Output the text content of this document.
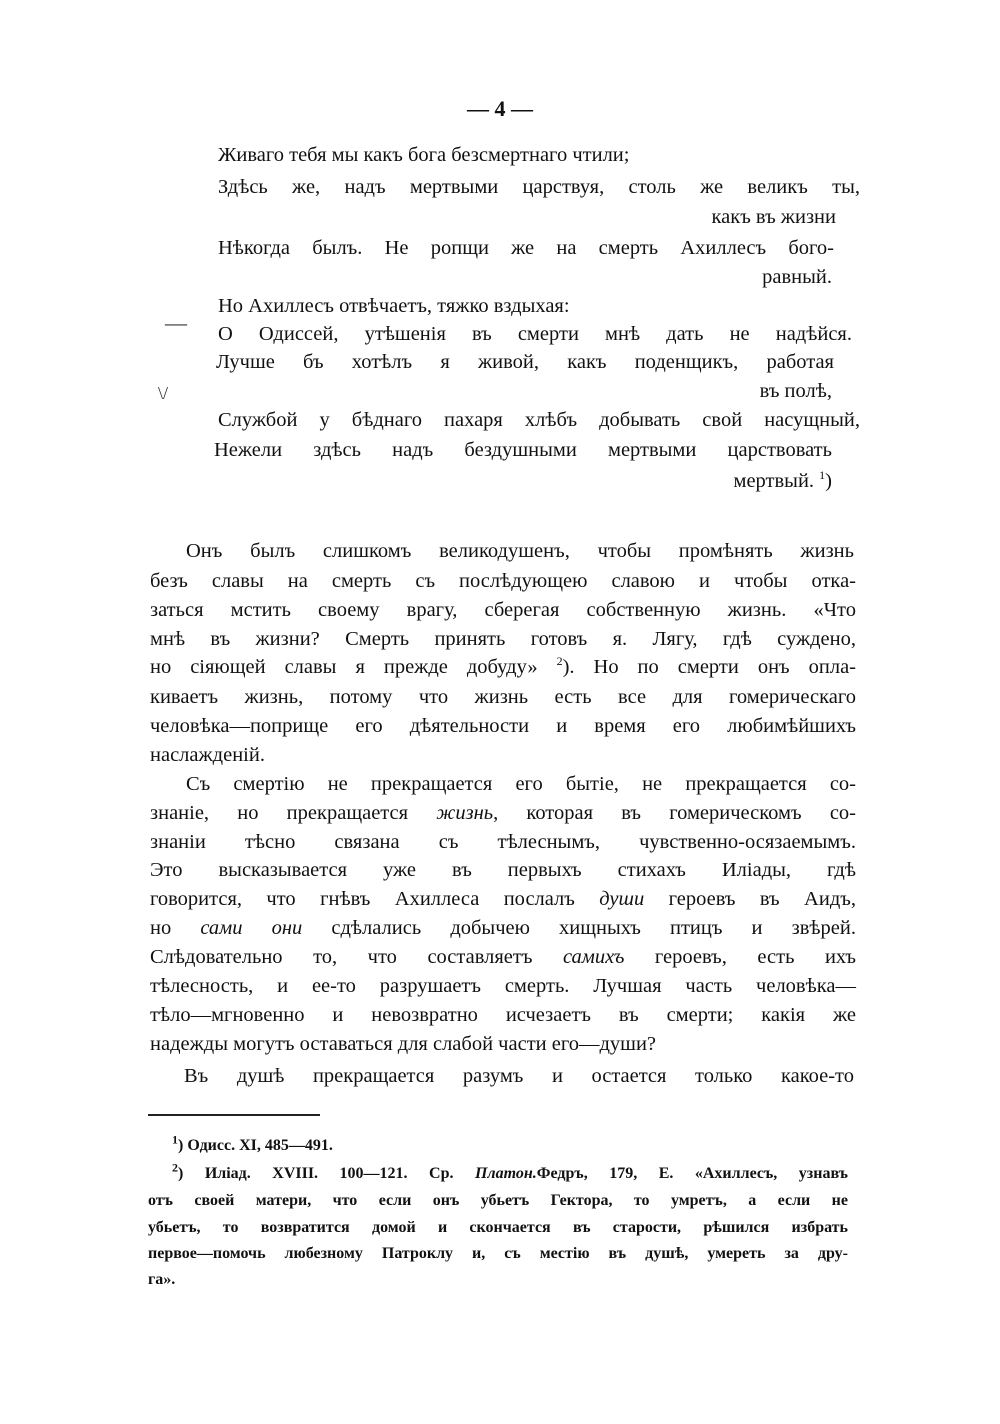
— 4 —
—
\/
Живаго тебя мы какъ бога безсмертнаго чтили;
Здѣсь же, надъ мертвыми царствуя, столь же великъ ты,
какъ въ жизни
Нѣкогда былъ. Не ропщи же на смерть Ахиллесъ бого-
равный.
Но Ахиллесъ отвѣчаетъ, тяжко вздыхая:
О Одиссей, утѣшенія въ смерти мнѣ дать не надѣйся.
Лучше бъ хотѣлъ я живой, какъ поденщикъ, работая
въ полѣ,
Службой у бѣднаго пахаря хлѣбъ добывать свой насущный,
Нежели здѣсь надъ бездушными мертвыми царствовать
мертвый. $^1$)
Онъ былъ слишкомъ великодушенъ, чтобы промѣнять жизнь
безъ славы на смерть съ послѣдующею славою и чтобы отка-
заться мстить своему врагу, сберегая собственную жизнь. «Что
мнѣ въ жизни? Смерть принять готовъ я. Лягу, гдѣ суждено,
но сіяющей славы я прежде добуду» $^2$). Но по смерти онъ опла-
киваетъ жизнь, потому что жизнь есть все для гомерическаго
человѣка—поприще его дѣятельности и время его любимѣйшихъ
наслажденій.
Съ смертію не прекращается его бытіе, не прекращается со-
знаніе, но прекращается жизнь, которая въ гомерическомъ со-
знаніи тѣсно связана съ тѣлеснымъ, чувственно-осязаемымъ.
Это высказывается уже въ первыхъ стихахъ Иліады, гдѣ
говорится, что гнѣвъ Ахиллеса послалъ души героевъ въ Аидъ,
но сами они сдѣлались добычею хищныхъ птицъ и звѣрей.
Слѣдовательно то, что составляетъ самихъ героевъ, есть ихъ
тѣлесность, и ее-то разрушаетъ смерть. Лучшая часть человѣка—
тѣло—мгновенно и невозвратно исчезаетъ въ смерти; какія же
надежды могутъ оставаться для слабой части его—души?
Въ душѣ прекращается разумъ и остается только какое-то
$^1$) Одисс. XI, 485—491.
$^2$) Иліад. XVIII. 100—121. Ср. Платон.Федръ, 179, Е. «Ахиллесъ, узнавъ
отъ своей матери, что если онъ убьетъ Гектора, то умретъ, а если не
убьетъ, то возвратится домой и скончается въ старости, рѣшился избрать
первое—помочь любезному Патроклу и, съ местію въ душѣ, умереть за дру-
га».
